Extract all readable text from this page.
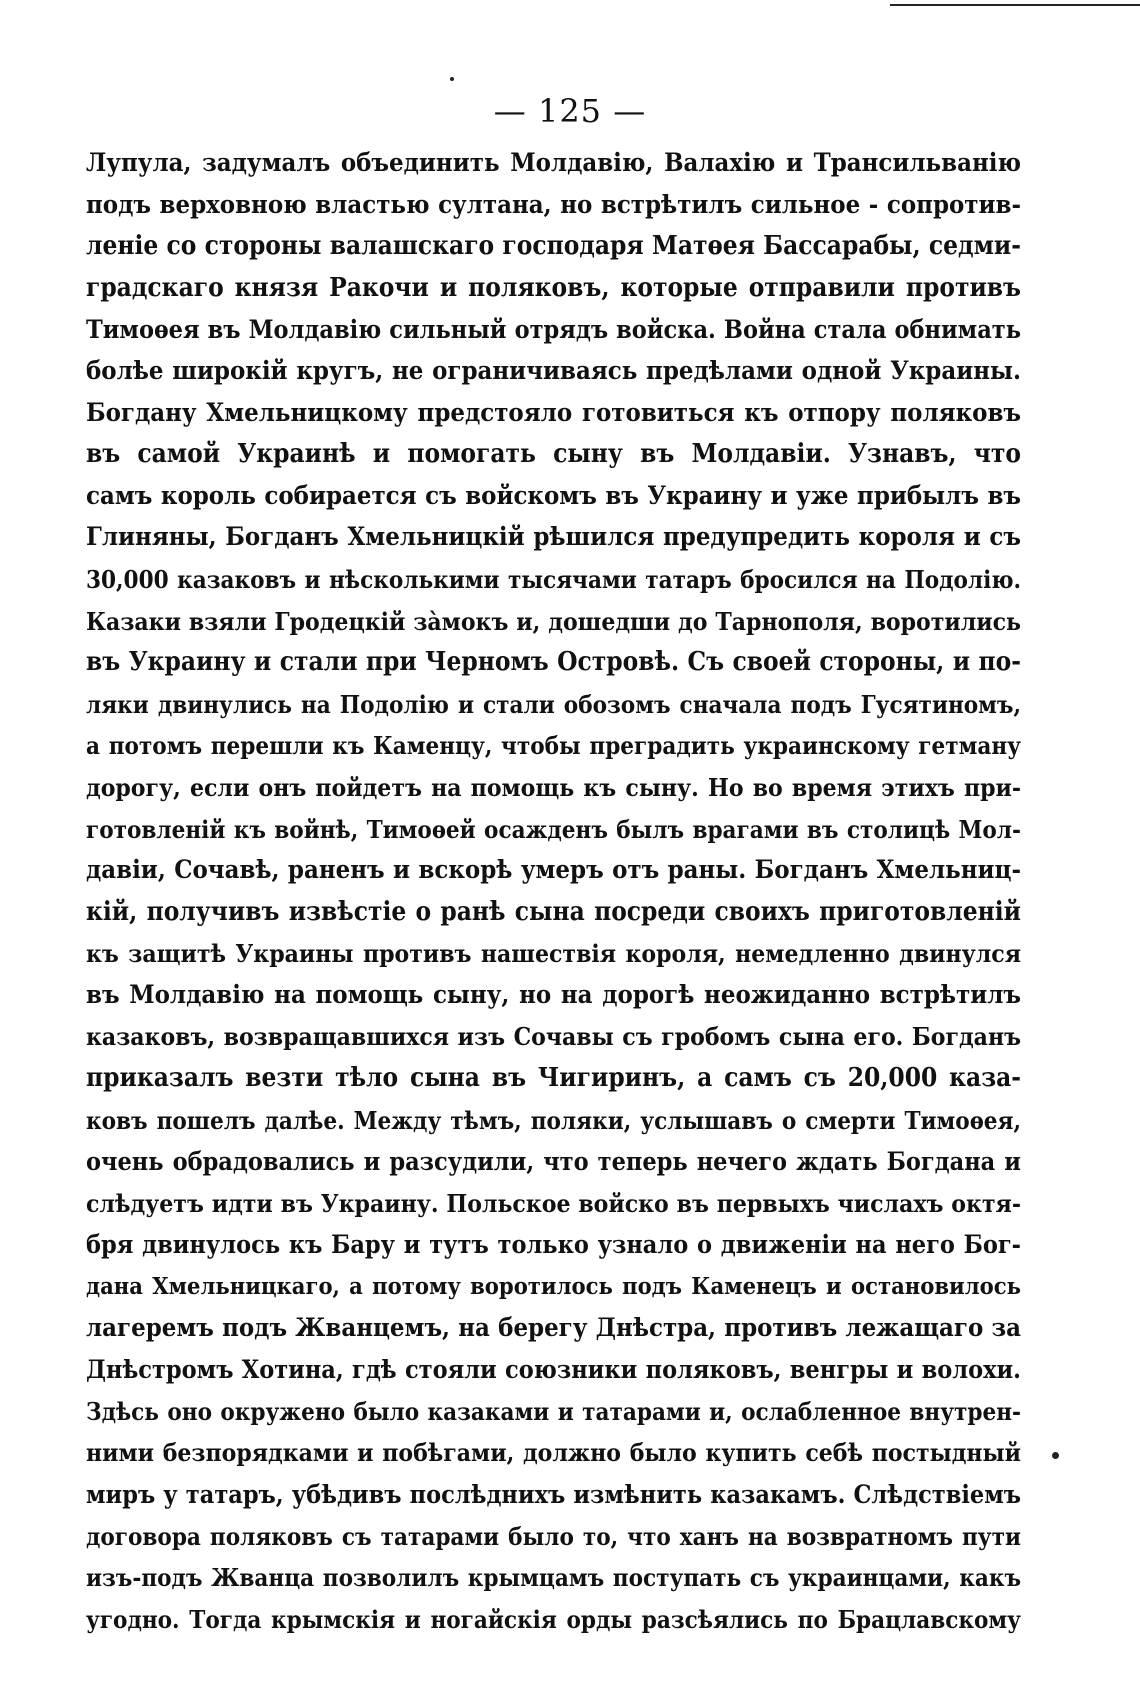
— 125 —
Лупула, задумалъ объединить Молдавію, Валахію и Трансильванію
подъ верховною властью султана, но встрѣтилъ сильное - сопротив-
леніе со стороны валашскаго господаря Матѳея Бассарабы, седми-
градскаго князя Ракочи и поляковъ, которые отправили противъ
Тимоѳея въ Молдавію сильный отрядъ войска. Война стала обнимать
болѣе широкій кругъ, не ограничиваясь предѣлами одной Украины.
Богдану Хмельницкому предстояло готовиться къ отпору поляковъ
въ самой Украинѣ и помогать сыну въ Молдавіи. Узнавъ, что
самъ король собирается съ войскомъ въ Украину и уже прибылъ въ
Глиняны, Богданъ Хмельницкій рѣшился предупредить короля и съ
30,000 казаковъ и нѣсколькими тысячами татаръ бросился на Подолію.
Казаки взяли Гродецкій зàмокъ и, дошедши до Тарнополя, воротились
въ Украину и стали при Черномъ Островѣ. Съ своей стороны, и по-
ляки двинулись на Подолію и стали обозомъ сначала подъ Гусятиномъ,
а потомъ перешли къ Каменцу, чтобы преградить украинскому гетману
дорогу, если онъ пойдетъ на помощь къ сыну. Но во время этихъ при-
готовленій къ войнѣ, Тимоѳей осажденъ былъ врагами въ столицѣ Мол-
давіи, Сочавѣ, раненъ и вскорѣ умеръ отъ раны. Богданъ Хмельниц-
кій, получивъ извѣстіе о ранѣ сына посреди своихъ приготовленій
къ защитѣ Украины противъ нашествія короля, немедленно двинулся
въ Молдавію на помощь сыну, но на дорогѣ неожиданно встрѣтилъ
казаковъ, возвращавшихся изъ Сочавы съ гробомъ сына его. Богданъ
приказалъ везти тѣло сына въ Чигиринъ, а самъ съ 20,000 каза-
ковъ пошелъ далѣе. Между тѣмъ, поляки, услышавъ о смерти Тимоѳея,
очень обрадовались и разсудили, что теперь нечего ждать Богдана и
слѣдуетъ идти въ Украину. Польское войско въ первыхъ числахъ октя-
бря двинулось къ Бару и тутъ только узнало о движеніи на него Бог-
дана Хмельницкаго, а потому воротилось подъ Каменецъ и остановилось
лагеремъ подъ Жванцемъ, на берегу Днѣстра, противъ лежащаго за
Днѣстромъ Хотина, гдѣ стояли союзники поляковъ, венгры и волохи.
Здѣсь оно окружено было казаками и татарами и, ослабленное внутрен-
ними безпорядками и побѣгами, должно было купить себѣ постыдный
миръ у татаръ, убѣдивъ послѣднихъ измѣнить казакамъ. Слѣдствіемъ
договора поляковъ съ татарами было то, что ханъ на возвратномъ пути
изъ-подъ Жванца позволилъ крымцамъ поступать съ украинцами, какъ
угодно. Тогда крымскія и ногайскія орды разсѣялись по Брацлавскому
